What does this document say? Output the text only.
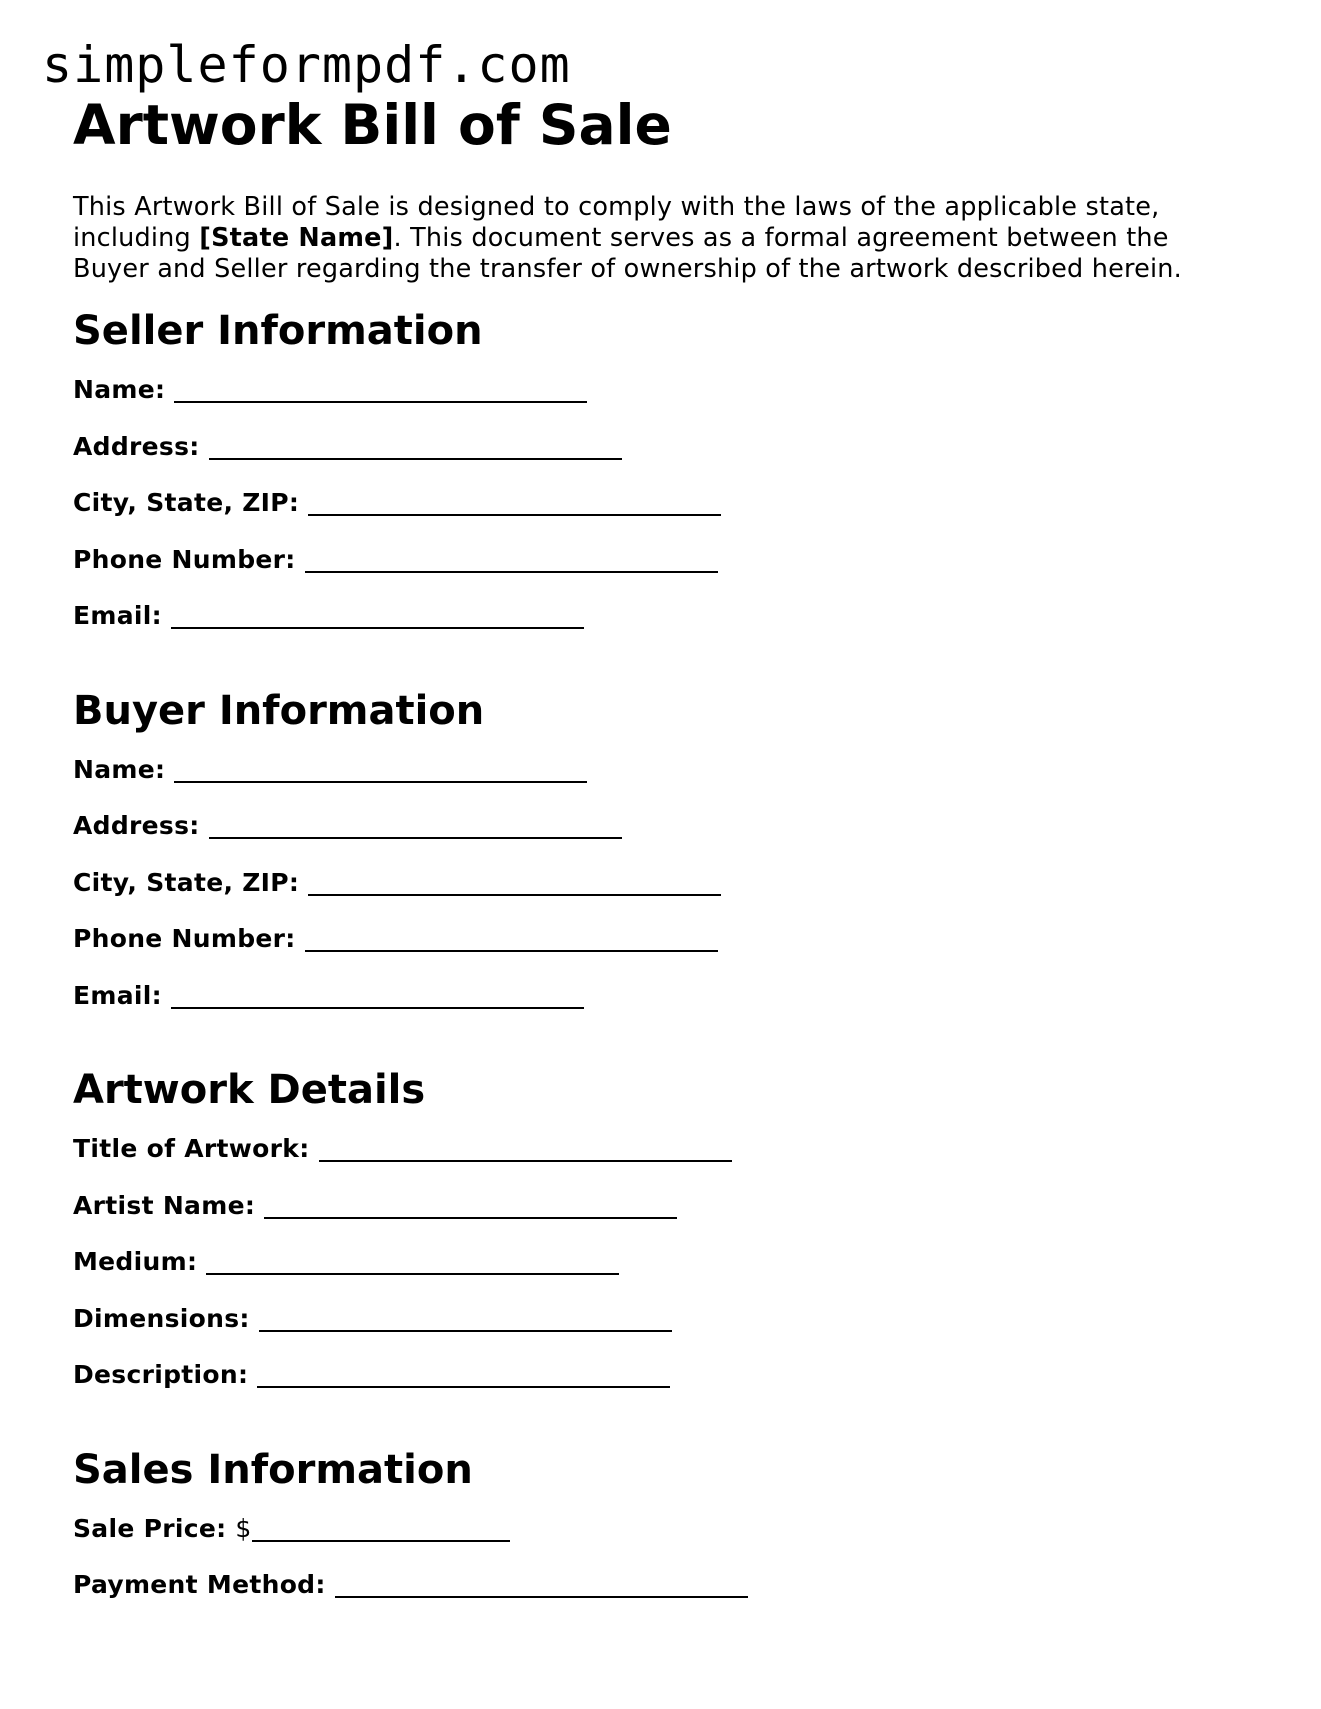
simpleformpdf.com
Artwork Bill of Sale

This Artwork Bill of Sale is designed to comply with the laws of the applicable state, including [State Name]. This document serves as a formal agreement between the Buyer and Seller regarding the transfer of ownership of the artwork described herein.

Seller Information
Name:
Address:
City, State, ZIP:
Phone Number:
Email:
Buyer Information
Name:
Address:
City, State, ZIP:
Phone Number:
Email:
Artwork Details
Title of Artwork:
Artist Name:
Medium:
Dimensions:
Description:
Sales Information
Sale Price: $
Payment Method:
